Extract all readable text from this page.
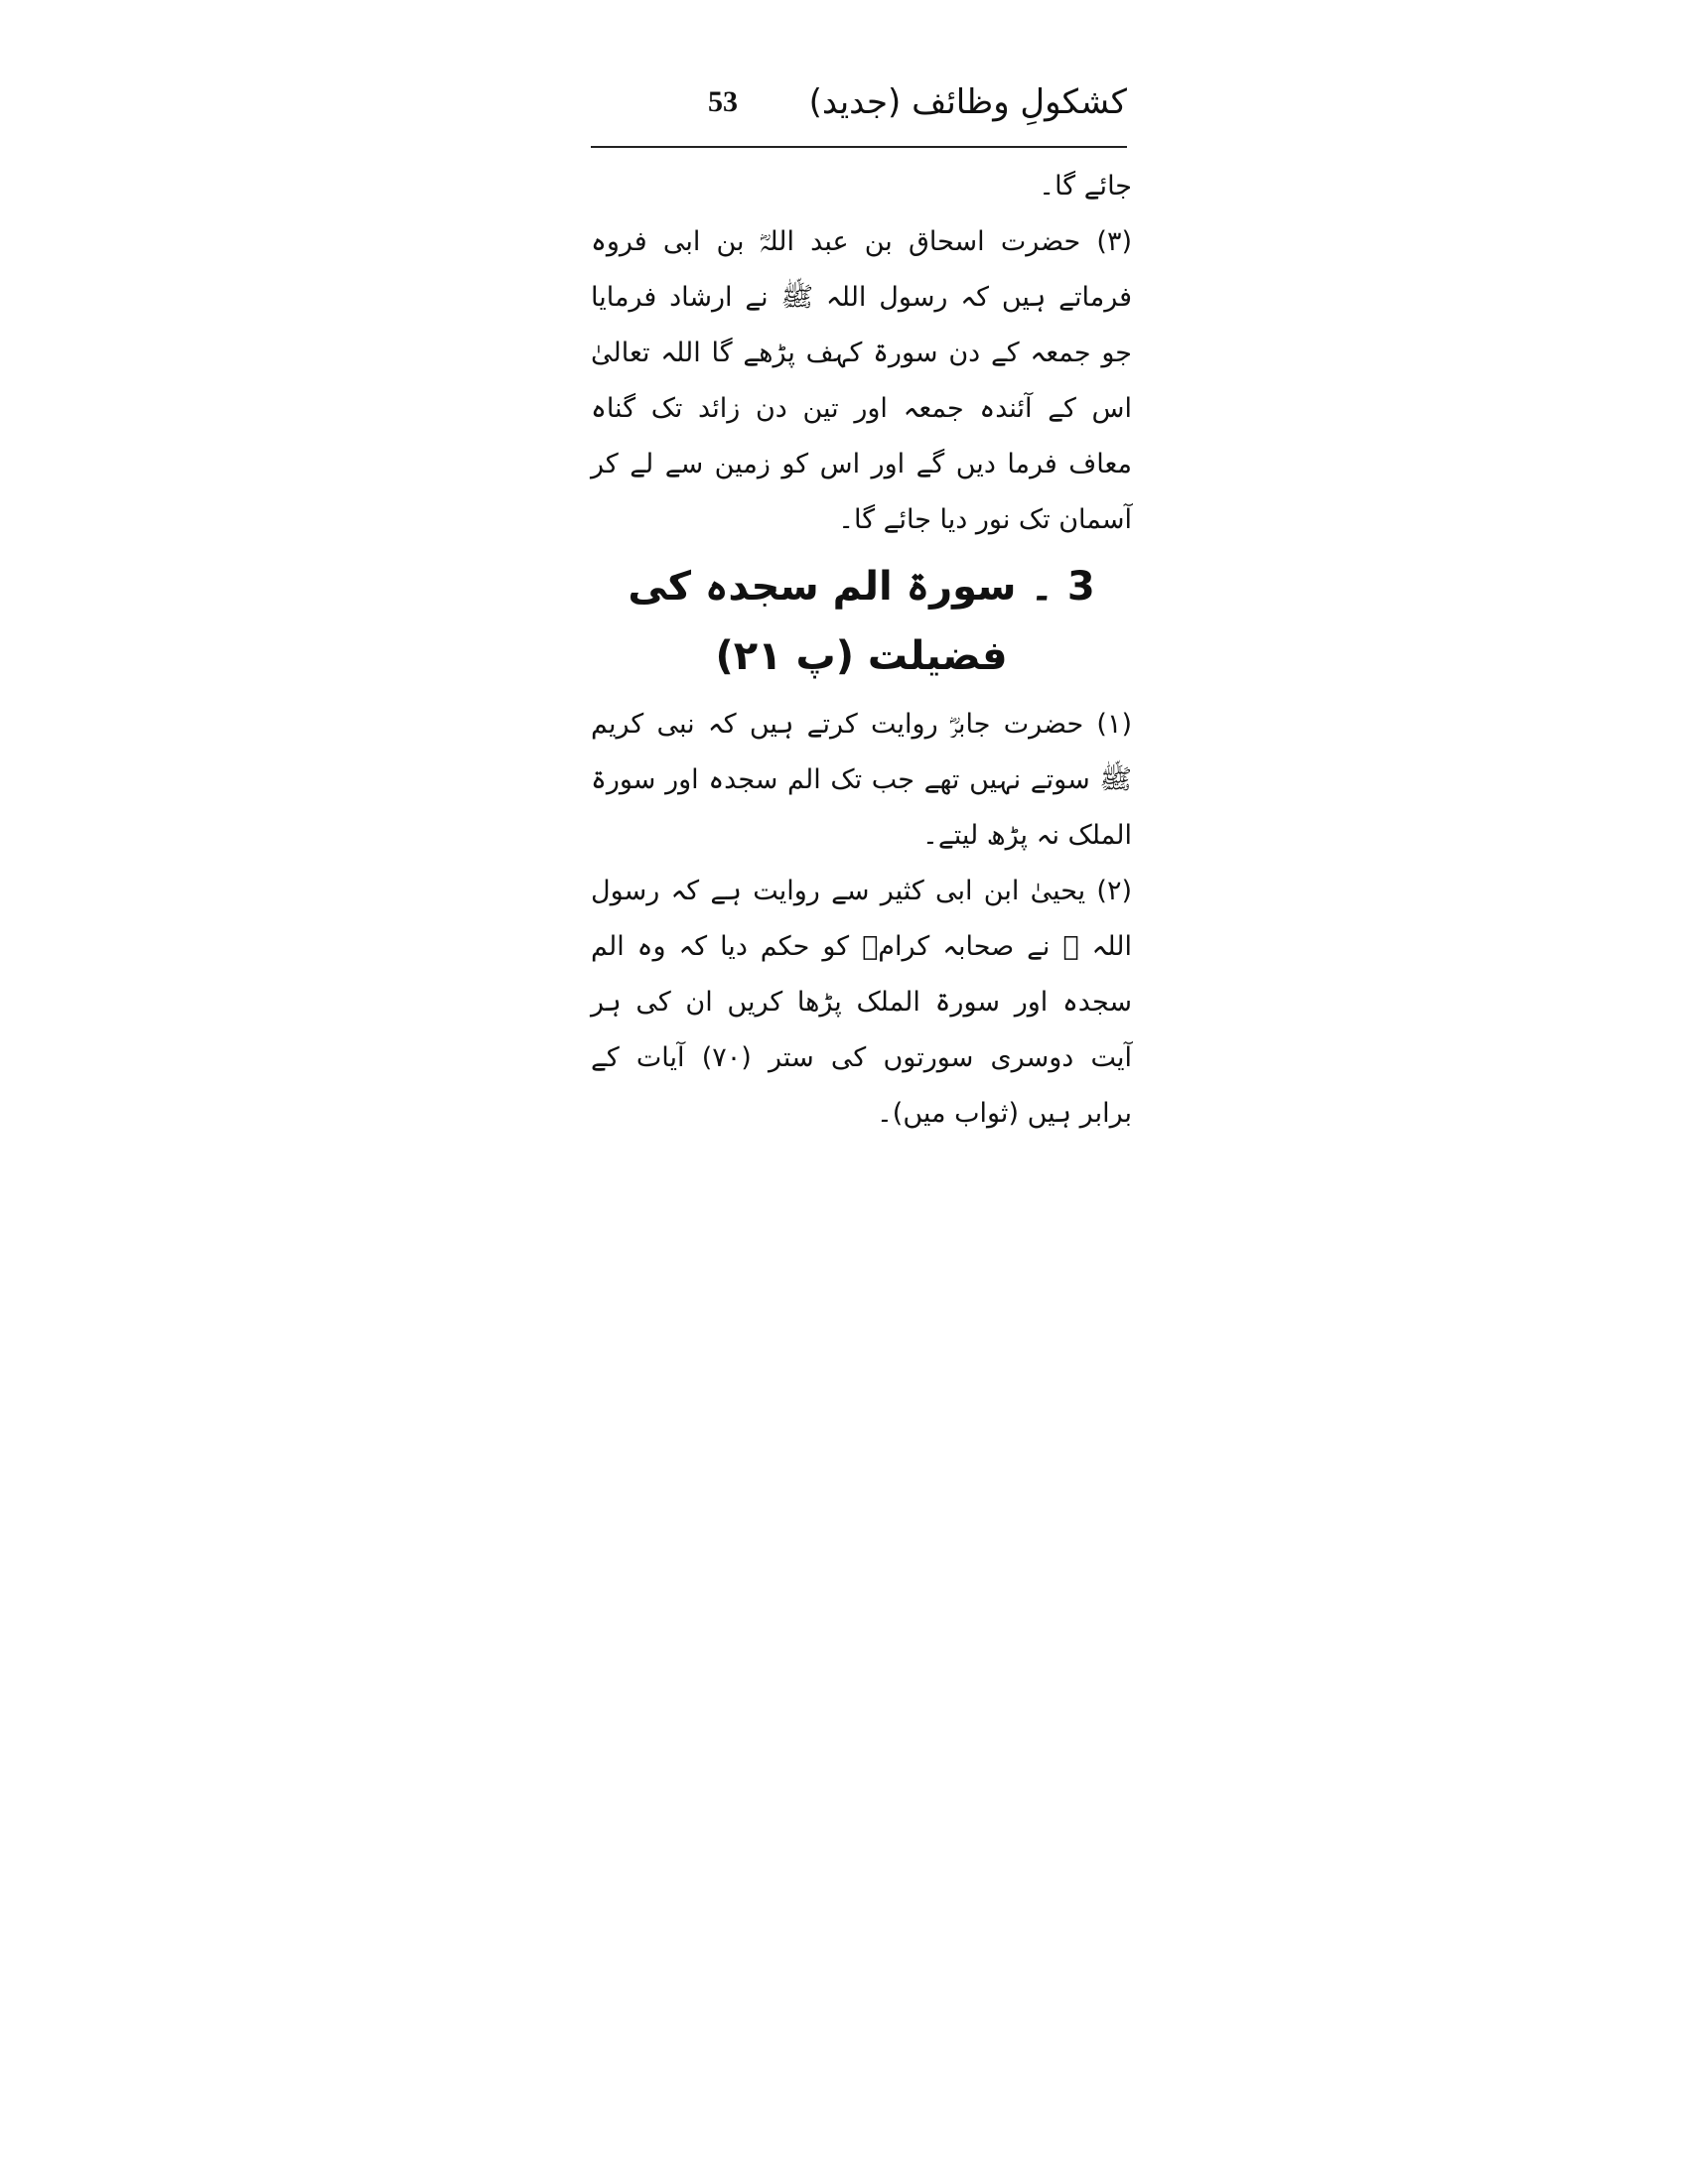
کشکولِ وظائف (جدید)
53

جائے گا۔

(۳) حضرت اسحاق بن عبد اللہؓ بن ابی فروہ فرماتے ہیں کہ رسول اللہ ﷺ نے ارشاد فرمایا جو جمعہ کے دن سورۃ کہف پڑھے گا اللہ تعالیٰ اس کے آئندہ جمعہ اور تین دن زائد تک گناہ معاف فرما دیں گے اور اس کو زمین سے لے کر آسمان تک نور دیا جائے گا۔

3 ۔ سورۃ الم سجدہ کی فضیلت (پ ۲۱)

(۱) حضرت جابرؓ روایت کرتے ہیں کہ نبی کریم ﷺ سوتے نہیں تھے جب تک الم سجدہ اور سورۃ الملک نہ پڑھ لیتے۔

(۲) یحییٰ ابن ابی کثیر سے روایت ہے کہ رسول اللہ ﷺ نے صحابہ کرامؓ کو حکم دیا کہ وہ الم سجدہ اور سورۃ الملک پڑھا کریں ان کی ہر آیت دوسری سورتوں کی ستر (۷۰) آیات کے برابر ہیں (ثواب میں)۔
